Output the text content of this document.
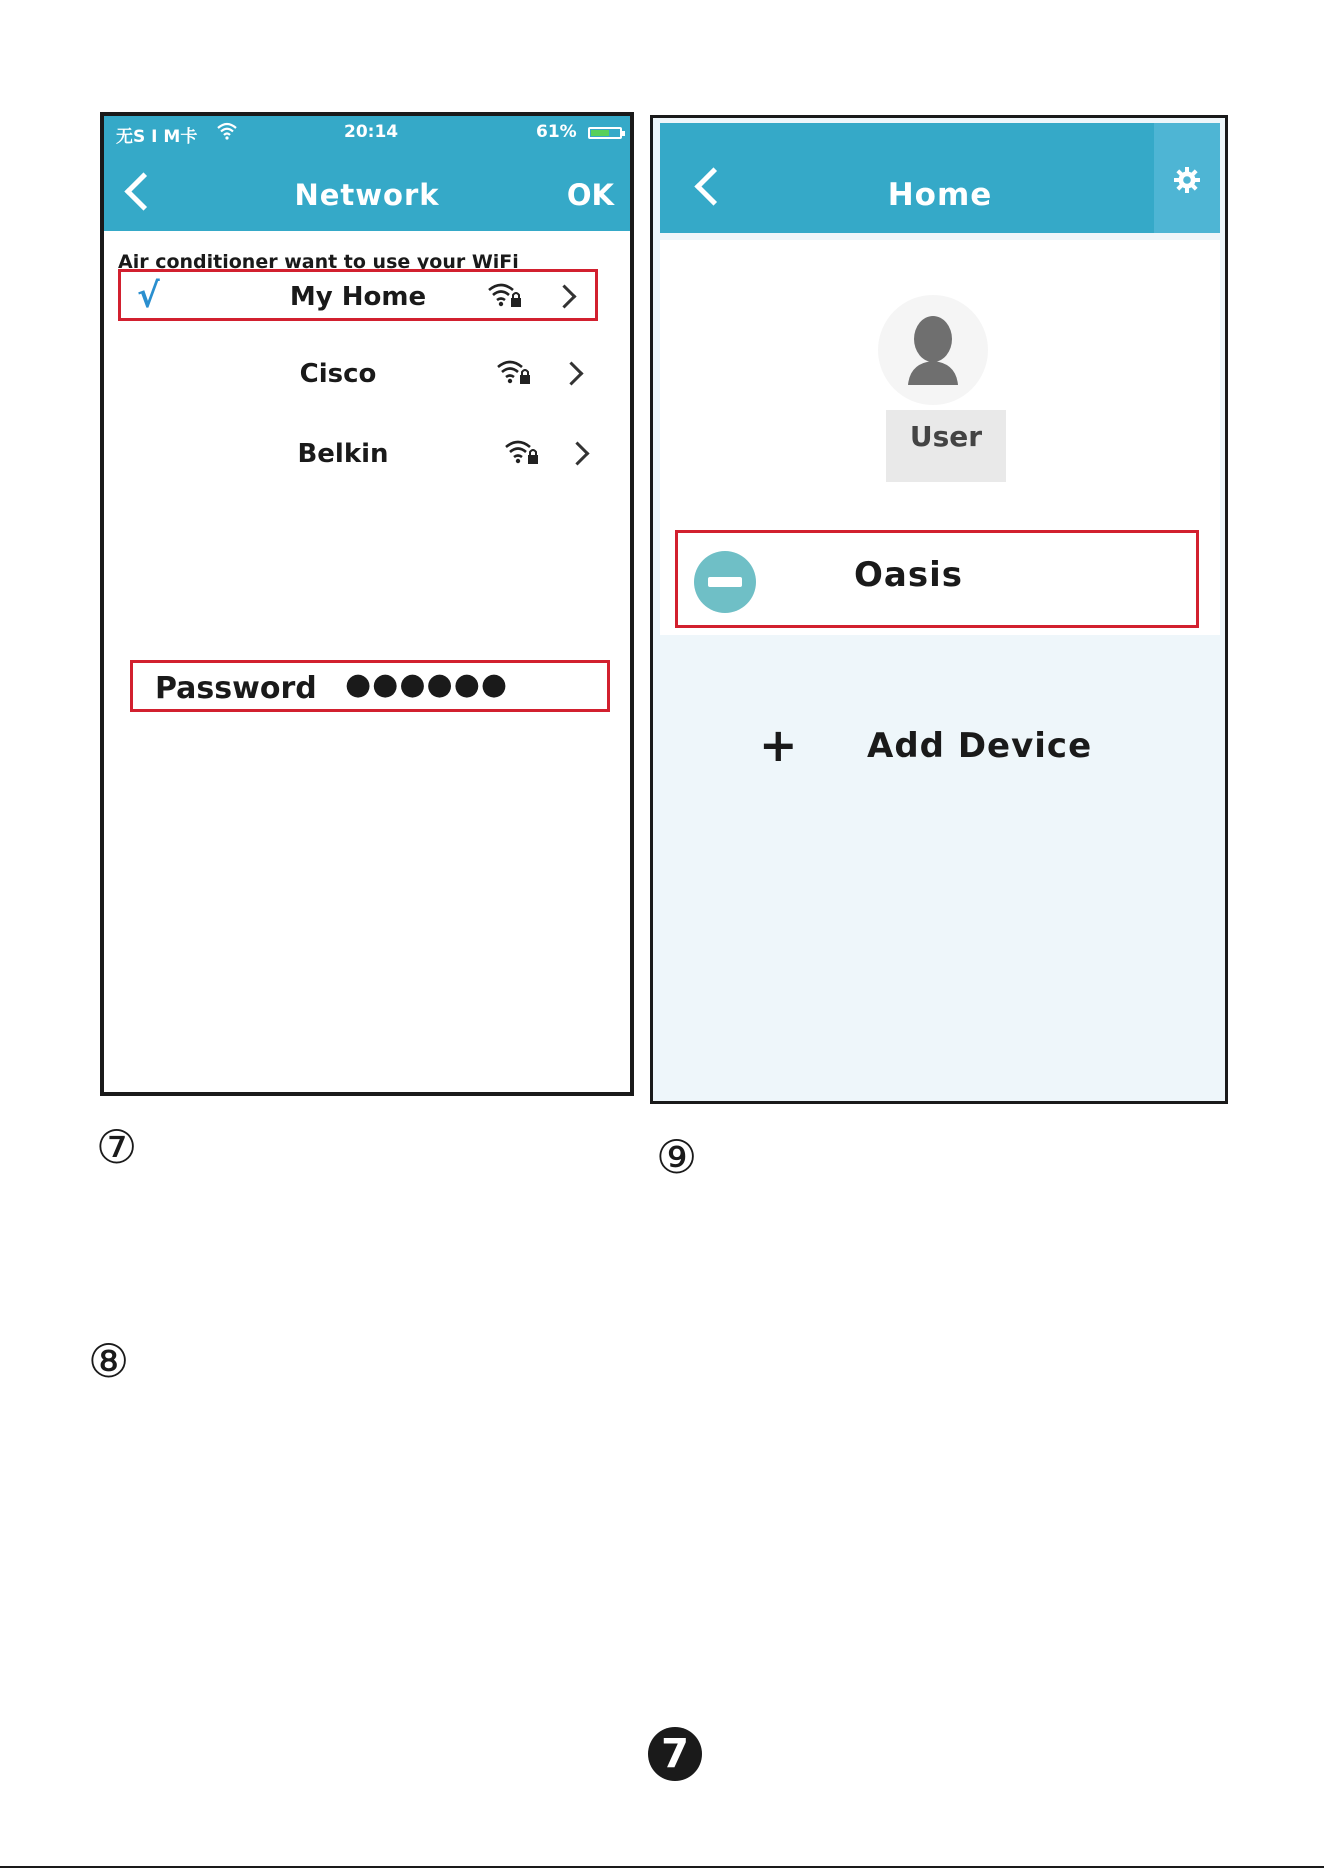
无S I M卡	20:14	61%
Network	OK
Air conditioner want to use your WiFi
√	My Home
Cisco
Belkin
Password ●●●●●●
Home
User
Oasis
+ Add Device
⑦	⑨
⑧
7
